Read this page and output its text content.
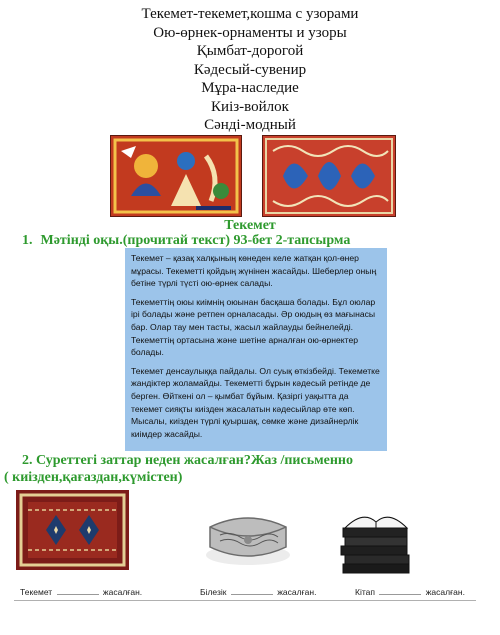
Текемет-текемет,кошма с узорами
Ою-өрнек-орнаменты и узоры
Қымбат-дорогой
Кәдесый-сувенир
Мұра-наследие
Киіз-войлок
Сәнді-модный
Текемет
1. Мәтінді оқы.(прочитай текст) 93-бет 2-тапсырма

Текемет – қазақ халқының көнеден келе жатқан қол-өнер мұрасы. Текеметті қойдың жүнінен жасайды. Шеберлер оның бетіне түрлі түсті ою-өрнек салады.

Текеметтің оюы киімнің оюынан басқаша болады. Бұл оюлар ірі болады және ретпен орналасады. Әр оюдың өз мағынасы бар. Олар тау мен тасты, жасыл жайлауды бейнелейді. Текеметтің ортасына және шетіне арналған ою-өрнектер болады.

Текемет денсаулыққа пайдалы. Ол суық өткізбейді. Текеметке жандіктер жоламайды. Текеметті бұрын кәдесый ретінде де берген. Өйткені ол – қымбат бұйым. Қазіргі уақытта да текемет сияқты киізден жасалатын кәдесыйлар өте көп. Мысалы, киізден түрлі қуыршақ, сөмке және дизайнерлік киімдер жасайды.

2. Суреттегі заттар неден жасалған?Жаз /письменно
( киізден,қағаздан,күмістен)
Текемет	жасалған.	Білезік	жасалған.	Кітап	жасалған.
